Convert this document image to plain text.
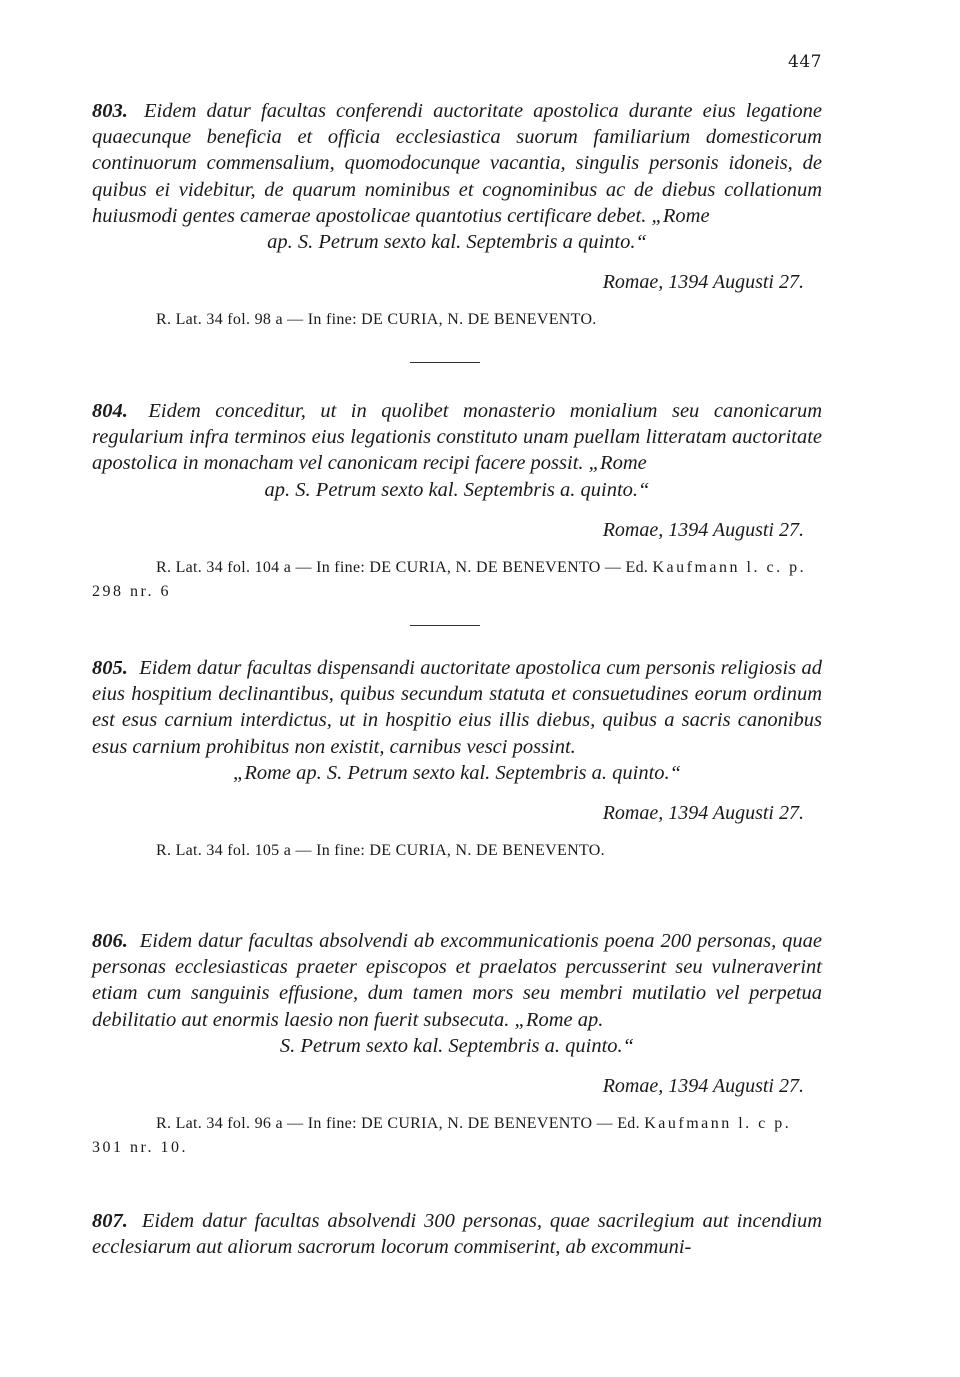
447

803. Eidem datur facultas conferendi auctoritate apostolica durante eius legatione quaecunque beneficia et officia ecclesiastica suorum familiarium domesticorum continuorum commensalium, quomodocunque vacantia, singulis personis idoneis, de quibus ei videbitur, de quarum nominibus et cognominibus ac de diebus collationum huiusmodi gentes camerae apostolicae quantotius certificare debet. „Rome
ap. S. Petrum sexto kal. Septembris a quinto.“

Romae, 1394 Augusti 27.

R. Lat. 34 fol. 98 a — In fine: DE CURIA, N. DE BENEVENTO.

804. Eidem conceditur, ut in quolibet monasterio monialium seu canonicarum regularium infra terminos eius legationis constituto unam puellam litteratam auctoritate apostolica in monacham vel canonicam recipi facere possit. „Rome
ap. S. Petrum sexto kal. Septembris a. quinto.“

Romae, 1394 Augusti 27.

R. Lat. 34 fol. 104 a — In fine: DE CURIA, N. DE BENEVENTO — Ed. Kaufmann l. c. p. 298 nr. 6

805. Eidem datur facultas dispensandi auctoritate apostolica cum personis religiosis ad eius hospitium declinantibus, quibus secundum statuta et consuetudines eorum ordinum est esus carnium interdictus, ut in hospitio eius illis diebus, quibus a sacris canonibus esus carnium prohibitus non existit, carnibus vesci possint.
„Rome ap. S. Petrum sexto kal. Septembris a. quinto.“

Romae, 1394 Augusti 27.

R. Lat. 34 fol. 105 a — In fine: DE CURIA, N. DE BENEVENTO.

806. Eidem datur facultas absolvendi ab excommunicationis poena 200 personas, quae personas ecclesiasticas praeter episcopos et praelatos percusserint seu vulneraverint etiam cum sanguinis effusione, dum tamen mors seu membri mutilatio vel perpetua debilitatio aut enormis laesio non fuerit subsecuta. „Rome ap.
S. Petrum sexto kal. Septembris a. quinto.“

Romae, 1394 Augusti 27.

R. Lat. 34 fol. 96 a — In fine: DE CURIA, N. DE BENEVENTO — Ed. Kaufmann l. c p. 301 nr. 10.

807. Eidem datur facultas absolvendi 300 personas, quae sacrilegium aut incendium ecclesiarum aut aliorum sacrorum locorum commiserint, ab excommuni-
